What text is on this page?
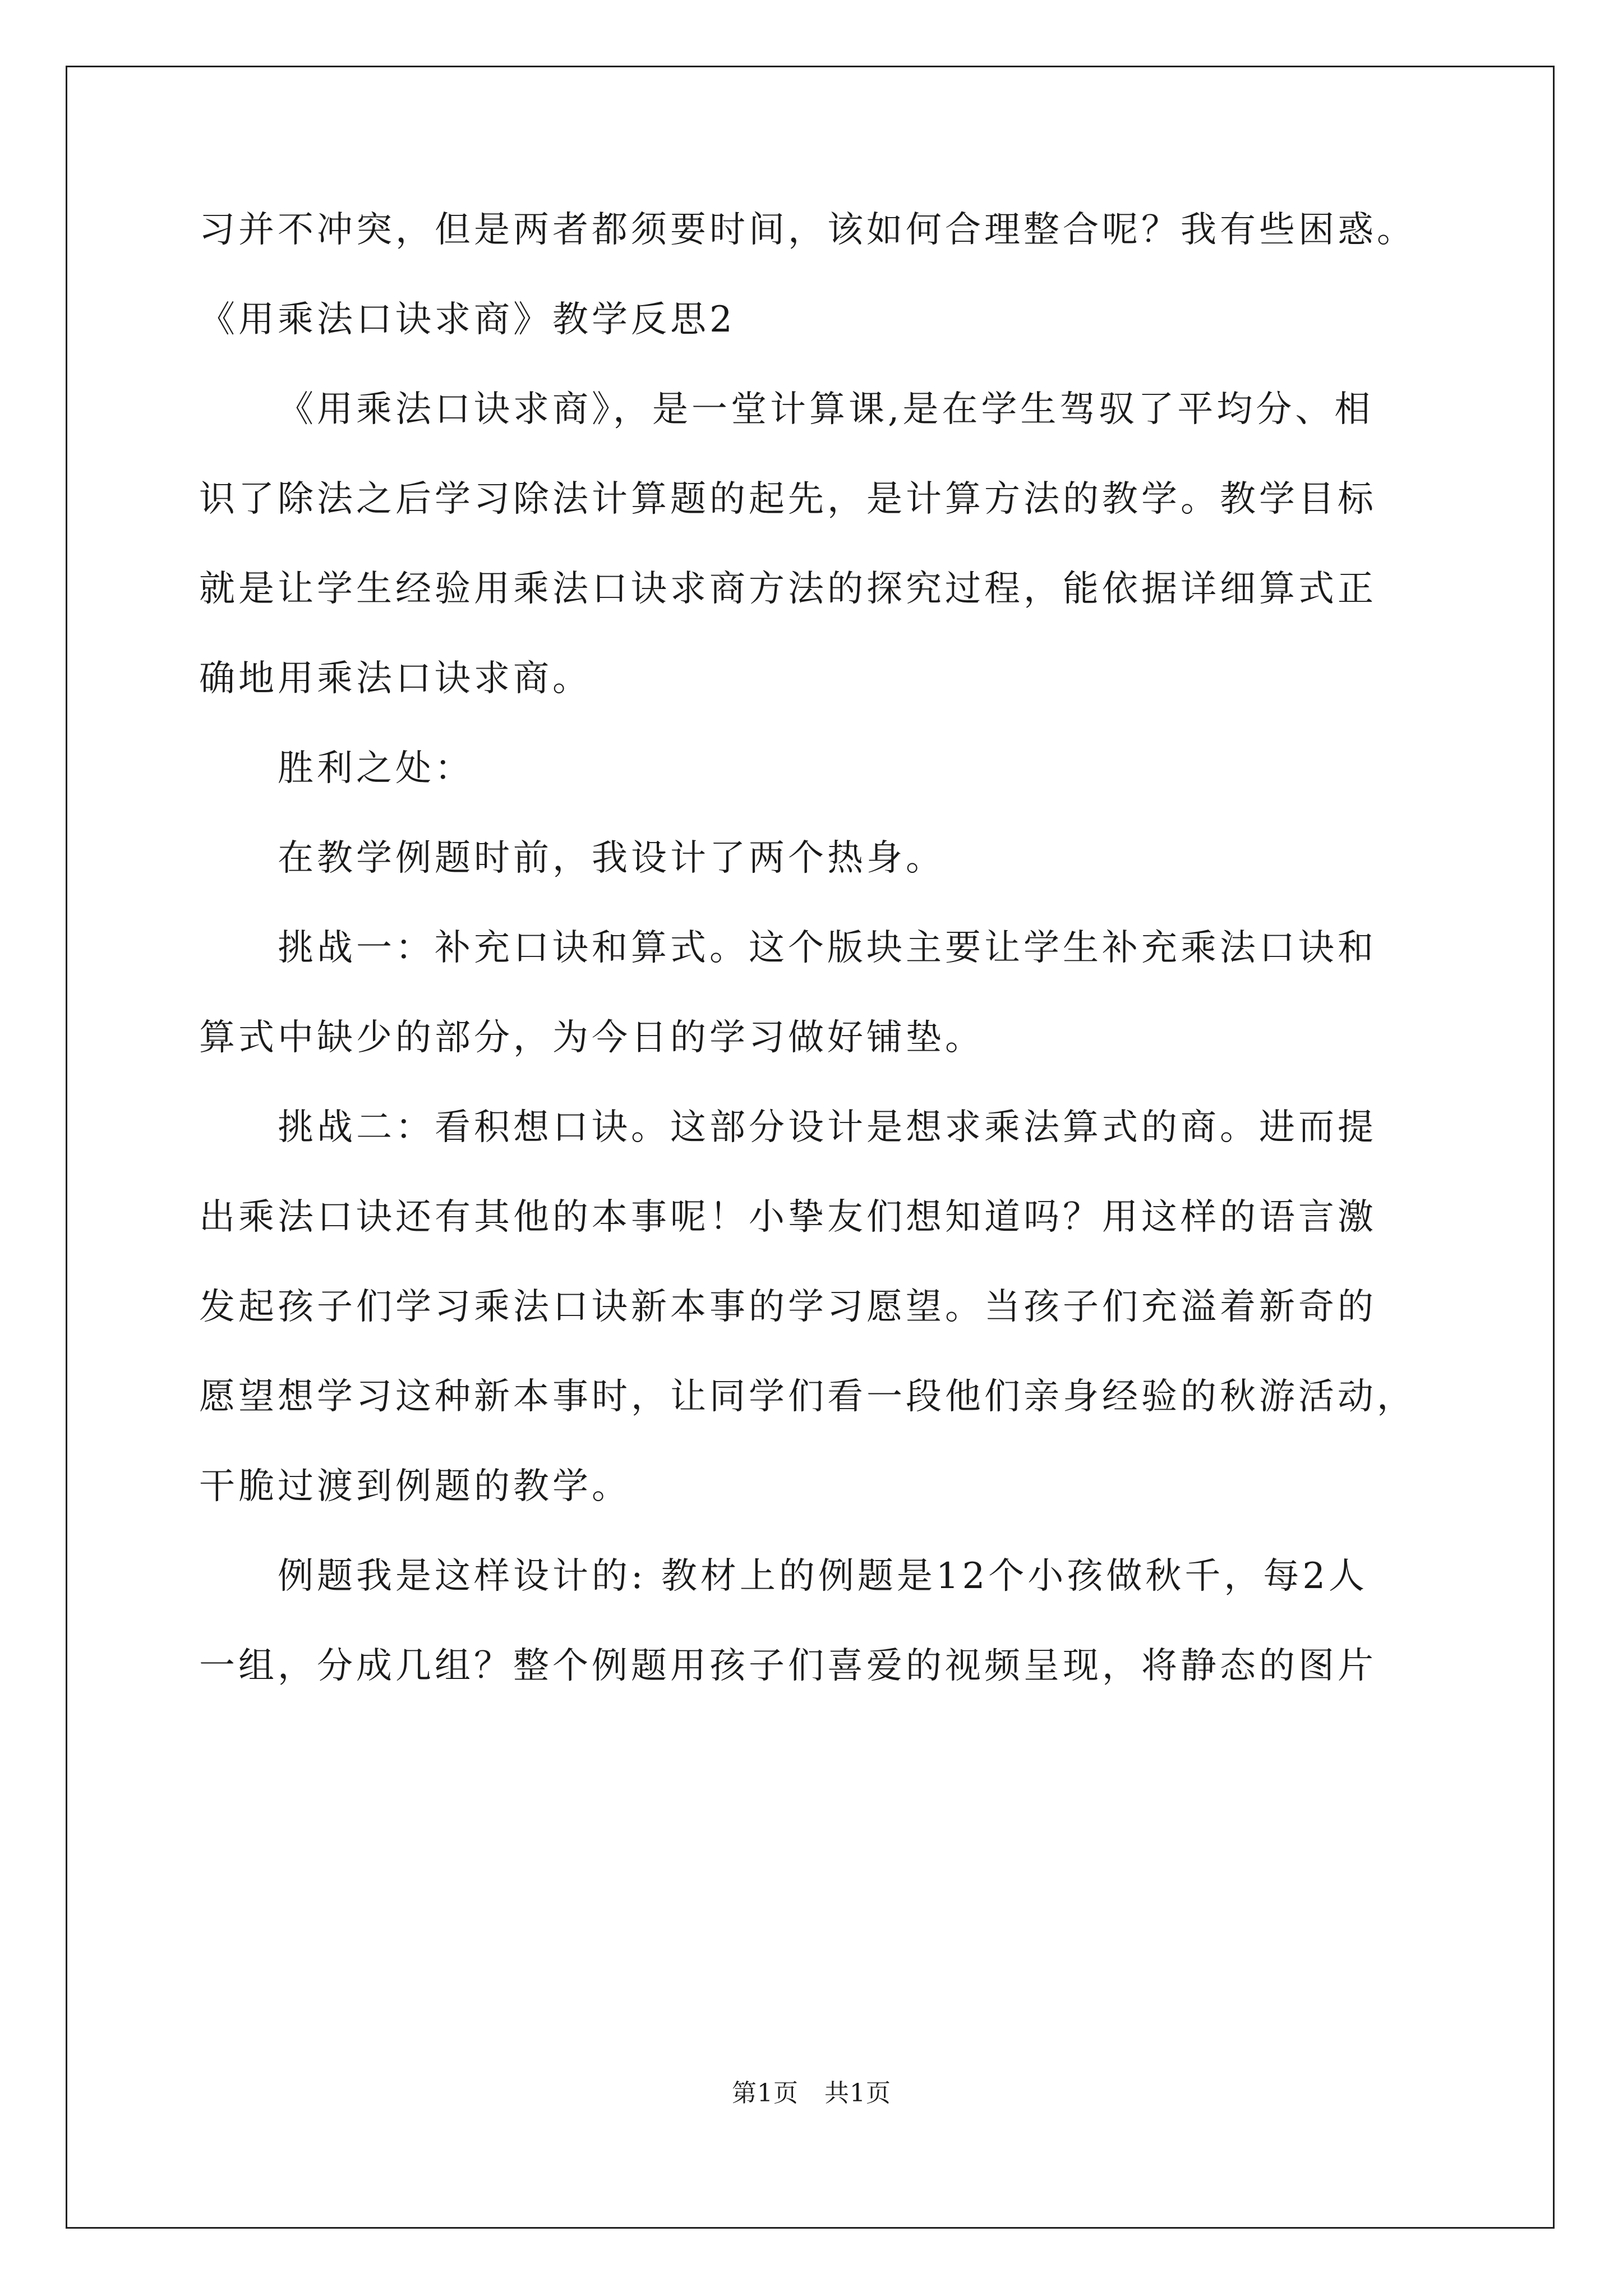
习并不冲突，但是两者都须要时间，该如何合理整合呢？我有些困惑。

《用乘法口诀求商》教学反思2

《用乘法口诀求商》，是一堂计算课,是在学生驾驭了平均分、相

识了除法之后学习除法计算题的起先，是计算方法的教学。教学目标

就是让学生经验用乘法口诀求商方法的探究过程，能依据详细算式正

确地用乘法口诀求商。

胜利之处：

在教学例题时前，我设计了两个热身。

挑战一：补充口诀和算式。这个版块主要让学生补充乘法口诀和

算式中缺少的部分，为今日的学习做好铺垫。

挑战二：看积想口诀。这部分设计是想求乘法算式的商。进而提

出乘法口诀还有其他的本事呢！小挚友们想知道吗？用这样的语言激

发起孩子们学习乘法口诀新本事的学习愿望。当孩子们充溢着新奇的

愿望想学习这种新本事时，让同学们看一段他们亲身经验的秋游活动，

干脆过渡到例题的教学。

例题我是这样设计的: 教材上的例题是12个小孩做秋千，每2人

一组，分成几组？整个例题用孩子们喜爱的视频呈现，将静态的图片

第1页 共1页
